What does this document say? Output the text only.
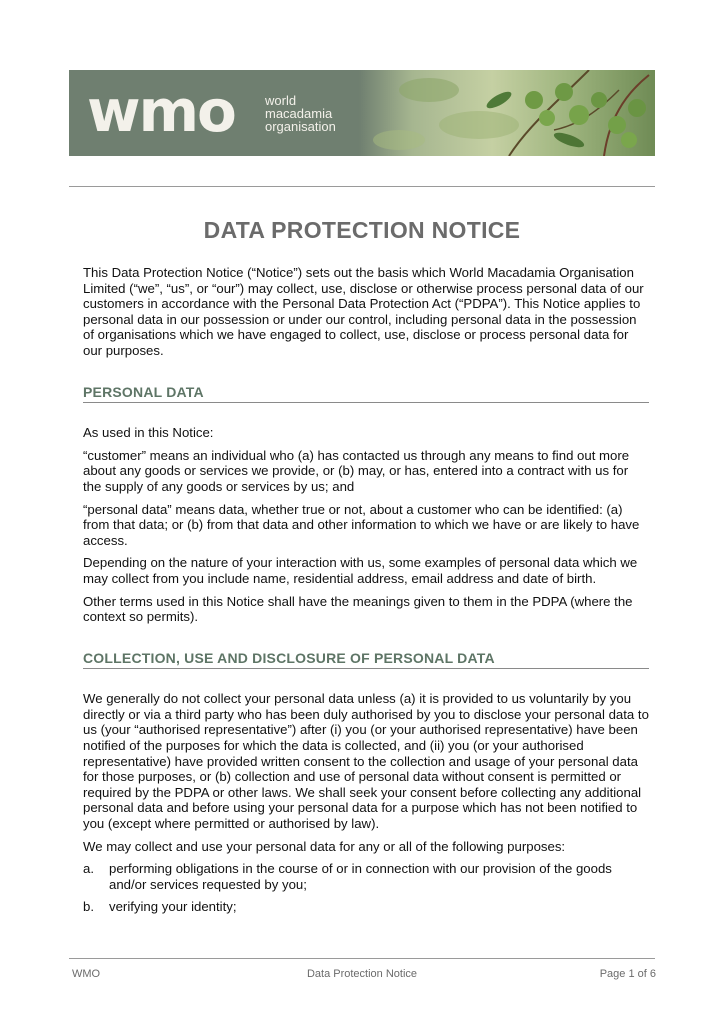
wmo world
macadamia
organisation
DATA PROTECTION NOTICE

This Data Protection Notice (“Notice”) sets out the basis which World Macadamia Organisation Limited (“we”, “us”, or “our”) may collect, use, disclose or otherwise process personal data of our customers in accordance with the Personal Data Protection Act (“PDPA”). This Notice applies to personal data in our possession or under our control, including personal data in the possession of organisations which we have engaged to collect, use, disclose or process personal data for our purposes.

PERSONAL DATA

As used in this Notice:

“customer” means an individual who (a) has contacted us through any means to find out more about any goods or services we provide, or (b) may, or has, entered into a contract with us for the supply of any goods or services by us; and

“personal data” means data, whether true or not, about a customer who can be identified: (a) from that data; or (b) from that data and other information to which we have or are likely to have access.

Depending on the nature of your interaction with us, some examples of personal data which we may collect from you include name, residential address, email address and date of birth.

Other terms used in this Notice shall have the meanings given to them in the PDPA (where the context so permits).

COLLECTION, USE AND DISCLOSURE OF PERSONAL DATA

We generally do not collect your personal data unless (a) it is provided to us voluntarily by you directly or via a third party who has been duly authorised by you to disclose your personal data to us (your “authorised representative”) after (i) you (or your authorised representative) have been notified of the purposes for which the data is collected, and (ii) you (or your authorised representative) have provided written consent to the collection and usage of your personal data for those purposes, or (b) collection and use of personal data without consent is permitted or required by the PDPA or other laws. We shall seek your consent before collecting any additional personal data and before using your personal data for a purpose which has not been notified to you (except where permitted or authorised by law).

We may collect and use your personal data for any or all of the following purposes:

a.	performing obligations in the course of or in connection with our provision of the goods and/or services requested by you;
b.	verifying your identity;
WMO	Data Protection Notice	Page 1 of 6
